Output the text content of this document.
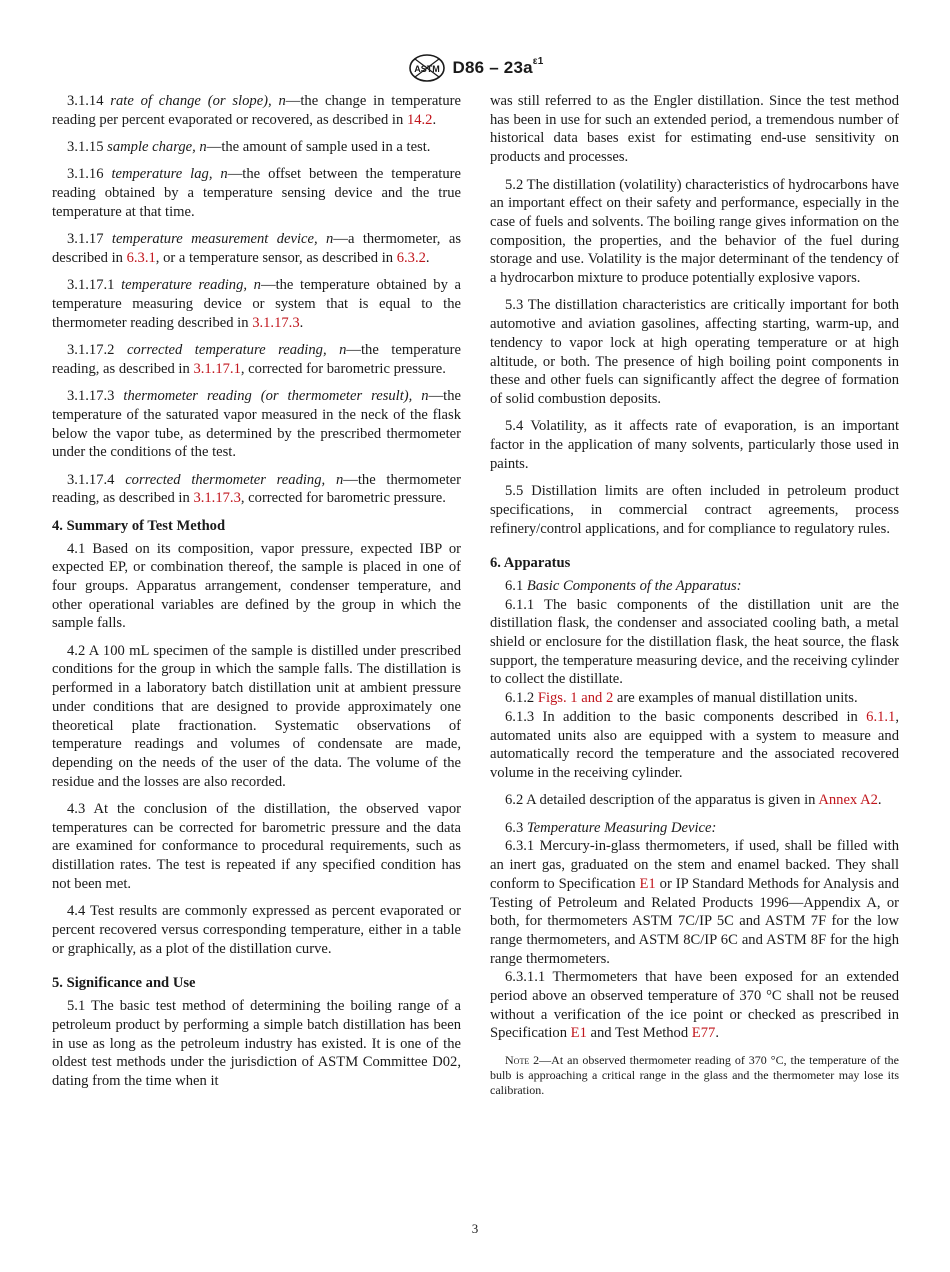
ASTM $D86 - 23a^{\varepsilon 1}$

3.1.14 rate of change (or slope), n—the change in temperature reading per percent evaporated or recovered, as described in 14.2.

3.1.15 sample charge, n—the amount of sample used in a test.

3.1.16 temperature lag, n—the offset between the temperature reading obtained by a temperature sensing device and the true temperature at that time.

3.1.17 temperature measurement device, n—a thermometer, as described in 6.3.1, or a temperature sensor, as described in 6.3.2.

3.1.17.1 temperature reading, n—the temperature obtained by a temperature measuring device or system that is equal to the thermometer reading described in 3.1.17.3.

3.1.17.2 corrected temperature reading, n—the temperature reading, as described in 3.1.17.1, corrected for barometric pressure.

3.1.17.3 thermometer reading (or thermometer result), n—the temperature of the saturated vapor measured in the neck of the flask below the vapor tube, as determined by the prescribed thermometer under the conditions of the test.

3.1.17.4 corrected thermometer reading, n—the thermometer reading, as described in 3.1.17.3, corrected for barometric pressure.

4. Summary of Test Method

4.1 Based on its composition, vapor pressure, expected IBP or expected EP, or combination thereof, the sample is placed in one of four groups. Apparatus arrangement, condenser temperature, and other operational variables are defined by the group in which the sample falls.

4.2 A 100 mL specimen of the sample is distilled under prescribed conditions for the group in which the sample falls. The distillation is performed in a laboratory batch distillation unit at ambient pressure under conditions that are designed to provide approximately one theoretical plate fractionation. Systematic observations of temperature readings and volumes of condensate are made, depending on the needs of the user of the data. The volume of the residue and the losses are also recorded.

4.3 At the conclusion of the distillation, the observed vapor temperatures can be corrected for barometric pressure and the data are examined for conformance to procedural requirements, such as distillation rates. The test is repeated if any specified condition has not been met.

4.4 Test results are commonly expressed as percent evaporated or percent recovered versus corresponding temperature, either in a table or graphically, as a plot of the distillation curve.

5. Significance and Use

5.1 The basic test method of determining the boiling range of a petroleum product by performing a simple batch distillation has been in use as long as the petroleum industry has existed. It is one of the oldest test methods under the jurisdiction of ASTM Committee D02, dating from the time when it

was still referred to as the Engler distillation. Since the test method has been in use for such an extended period, a tremendous number of historical data bases exist for estimating end-use sensitivity on products and processes.

5.2 The distillation (volatility) characteristics of hydrocarbons have an important effect on their safety and performance, especially in the case of fuels and solvents. The boiling range gives information on the composition, the properties, and the behavior of the fuel during storage and use. Volatility is the major determinant of the tendency of a hydrocarbon mixture to produce potentially explosive vapors.

5.3 The distillation characteristics are critically important for both automotive and aviation gasolines, affecting starting, warm-up, and tendency to vapor lock at high operating temperature or at high altitude, or both. The presence of high boiling point components in these and other fuels can significantly affect the degree of formation of solid combustion deposits.

5.4 Volatility, as it affects rate of evaporation, is an important factor in the application of many solvents, particularly those used in paints.

5.5 Distillation limits are often included in petroleum product specifications, in commercial contract agreements, process refinery/control applications, and for compliance to regulatory rules.

6. Apparatus

6.1 Basic Components of the Apparatus:

6.1.1 The basic components of the distillation unit are the distillation flask, the condenser and associated cooling bath, a metal shield or enclosure for the distillation flask, the heat source, the flask support, the temperature measuring device, and the receiving cylinder to collect the distillate.

6.1.2 Figs. 1 and 2 are examples of manual distillation units.

6.1.3 In addition to the basic components described in 6.1.1, automated units also are equipped with a system to measure and automatically record the temperature and the associated recovered volume in the receiving cylinder.

6.2 A detailed description of the apparatus is given in Annex A2.

6.3 Temperature Measuring Device:

6.3.1 Mercury-in-glass thermometers, if used, shall be filled with an inert gas, graduated on the stem and enamel backed. They shall conform to Specification E1 or IP Standard Methods for Analysis and Testing of Petroleum and Related Products 1996—Appendix A, or both, for thermometers ASTM 7C/IP 5C and ASTM 7F for the low range thermometers, and ASTM 8C/IP 6C and ASTM 8F for the high range thermometers.

6.3.1.1 Thermometers that have been exposed for an extended period above an observed temperature of 370 °C shall not be reused without a verification of the ice point or checked as prescribed in Specification E1 and Test Method E77.

Note 2—At an observed thermometer reading of 370 °C, the temperature of the bulb is approaching a critical range in the glass and the thermometer may lose its calibration.

3
